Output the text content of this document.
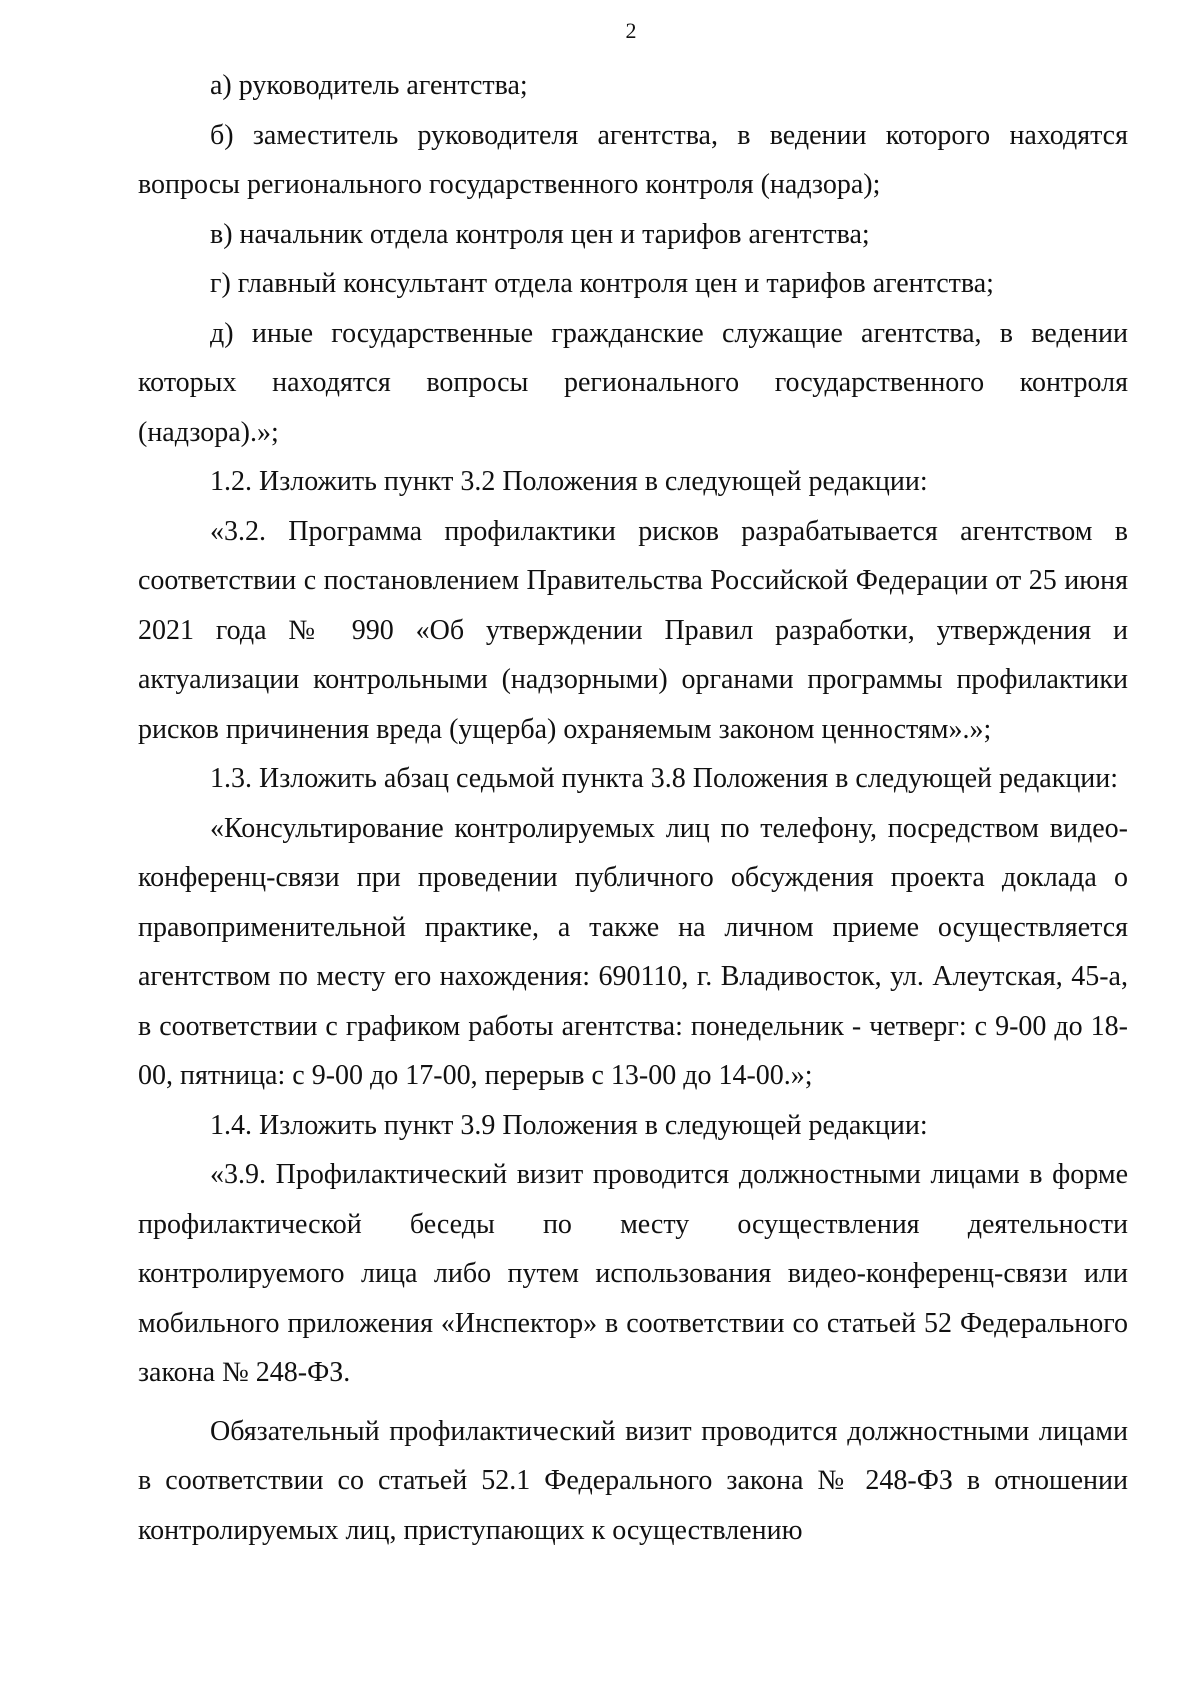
2

а) руководитель агентства;

б) заместитель руководителя агентства, в ведении которого находятся вопросы регионального государственного контроля (надзора);

в) начальник отдела контроля цен и тарифов агентства;

г) главный консультант отдела контроля цен и тарифов агентства;

д) иные государственные гражданские служащие агентства, в ведении которых находятся вопросы регионального государственного контроля (надзора).»;

1.2. Изложить пункт 3.2 Положения в следующей редакции:

«3.2. Программа профилактики рисков разрабатывается агентством в соответствии с постановлением Правительства Российской Федерации от 25 июня 2021 года № 990 «Об утверждении Правил разработки, утверждения и актуализации контрольными (надзорными) органами программы профилактики рисков причинения вреда (ущерба) охраняемым законом ценностям».»;

1.3. Изложить абзац седьмой пункта 3.8 Положения в следующей редакции:

«Консультирование контролируемых лиц по телефону, посредством видео-конференц-связи при проведении публичного обсуждения проекта доклада о правоприменительной практике, а также на личном приеме осуществляется агентством по месту его нахождения: 690110, г. Владивосток, ул. Алеутская, 45-а, в соответствии с графиком работы агентства: понедельник - четверг: с 9-00 до 18-00, пятница: с 9-00 до 17-00, перерыв с 13-00 до 14-00.»;

1.4. Изложить пункт 3.9 Положения в следующей редакции:

«3.9. Профилактический визит проводится должностными лицами в форме профилактической беседы по месту осуществления деятельности контролируемого лица либо путем использования видео-конференц-связи или мобильного приложения «Инспектор» в соответствии со статьей 52 Федерального закона № 248-ФЗ.

Обязательный профилактический визит проводится должностными лицами в соответствии со статьей 52.1 Федерального закона № 248-ФЗ в отношении контролируемых лиц, приступающих к осуществлению
